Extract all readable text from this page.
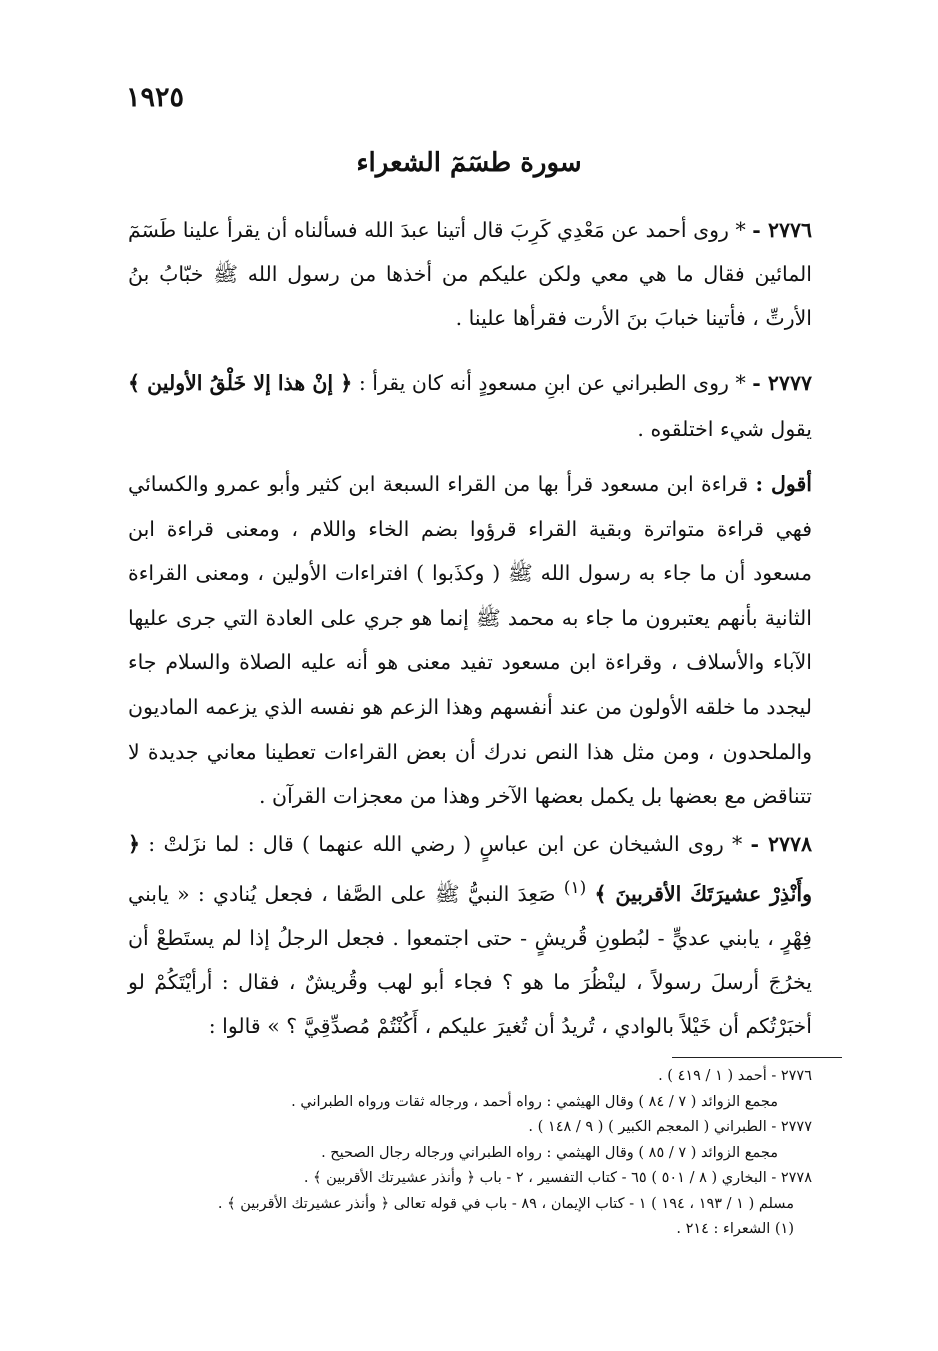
١٩٢٥
سورة طسٓمٓ الشعراء

٢٧٧٦ - * روى أحمد عن مَعْدِي كَرِبَ قال أتينا عبدَ الله فسألناه أن يقرأ علينا طَسٓمٓ المائين فقال ما هي معي ولكن عليكم من أخذها من رسول الله ﷺ خبّابُ بنُ الأرتِّ ، فأتينا خبابَ بنَ الأرت فقرأها علينا .

٢٧٧٧ - * روى الطبراني عن ابنِ مسعودٍ أنه كان يقرأ : ﴿ إنْ هذا إلا خَلْقُ الأولين ﴾ يقول شيء اختلقوه .

أقول : قراءة ابن مسعود قرأ بها من القراء السبعة ابن كثير وأبو عمرو والكسائي فهي قراءة متواترة وبقية القراء قرؤوا بضم الخاء واللام ، ومعنى قراءة ابن مسعود أن ما جاء به رسول الله ﷺ ( وكذَبوا ) افتراءات الأولين ، ومعنى القراءة الثانية بأنهم يعتبرون ما جاء به محمد ﷺ إنما هو جري على العادة التي جرى عليها الآباء والأسلاف ، وقراءة ابن مسعود تفيد معنى هو أنه عليه الصلاة والسلام جاء ليجدد ما خلقه الأولون من عند أنفسهم وهذا الزعم هو نفسه الذي يزعمه الماديون والملحدون ، ومن مثل هذا النص ندرك أن بعض القراءات تعطينا معاني جديدة لا تتناقض مع بعضها بل يكمل بعضها الآخر وهذا من معجزات القرآن .

٢٧٧٨ - * روى الشيخان عن ابن عباسٍ ( رضي الله عنهما ) قال : لما نزَلتْ : ﴿ وأَنْذِرْ عشيرَتَكَ الأقربينَ ﴾ $^{(١)}$ صَعِدَ النبيُّ ﷺ على الصَّفا ، فجعل يُنادي : « يابني فِهْرٍ ، يابني عديٍّ - لبُطونِ قُريشٍ - حتى اجتمعوا . فجعل الرجلُ إذا لم يستَطعْ أن يخرُجَ أرسلَ رسولاً ، لينْظُرَ ما هو ؟ فجاء أبو لهب وقُريشٌ ، فقال : أرأيْتَكُمْ لو أخبَرْتُكم أن خَيْلاً بالوادي ، تُريدُ أن تُغيرَ عليكم ، أَكُنْتُمْ مُصدِّقِيَّ ؟ » قالوا :

٢٧٧٦ - أحمد ( ١ / ٤١٩ ) .
مجمع الزوائد ( ٧ / ٨٤ ) وقال الهيثمي : رواه أحمد ، ورجاله ثقات ورواه الطبراني .
٢٧٧٧ - الطبراني ( المعجم الكبير ) ( ٩ / ١٤٨ ) .
مجمع الزوائد ( ٧ / ٨٥ ) وقال الهيثمي : رواه الطبراني ورجاله رجال الصحيح .
٢٧٧٨ - البخاري ( ٨ / ٥٠١ ) ٦٥ - كتاب التفسير ، ٢ - باب ﴿ وأنذر عشيرتك الأقربين ﴾ .
مسلم ( ١ / ١٩٣ ، ١٩٤ ) ١ - كتاب الإيمان ، ٨٩ - باب في قوله تعالى ﴿ وأنذر عشيرتك الأقربين ﴾ .
(١) الشعراء : ٢١٤ .
